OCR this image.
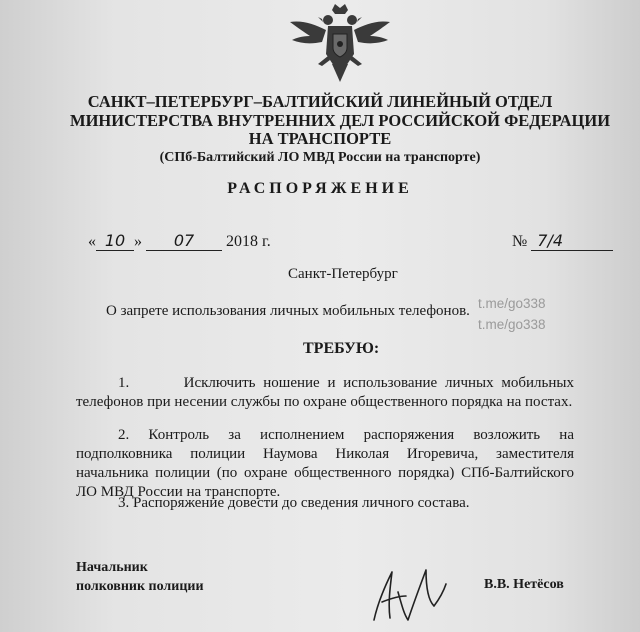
САНКТ–ПЕТЕРБУРГ–БАЛТИЙСКИЙ ЛИНЕЙНЫЙ ОТДЕЛ
МИНИСТЕРСТВА ВНУТРЕННИХ ДЕЛ РОССИЙСКОЙ ФЕДЕРАЦИИ
НА ТРАНСПОРТЕ
(СПб-Балтийский ЛО МВД России на транспорте)
РАСПОРЯЖЕНИЕ
« 10 » 07 2018 г.	№ 7/4
Санкт-Петербург
О запрете использования личных мобильных телефонов. t.me/go338
t.me/go338
ТРЕБУЮ:
1.       Исключить ношение и использование личных мобильных телефонов при несении службы по охране общественного порядка на постах.
2. Контроль за исполнением распоряжения возложить на подполковника полиции Наумова Николая Игоревича, заместителя начальника полиции (по охране общественного порядка) СПб-Балтийского ЛО МВД России на транспорте.
3. Распоряжение довести до сведения личного состава.
Начальник
полковник полиции	В.В. Нетёсов
